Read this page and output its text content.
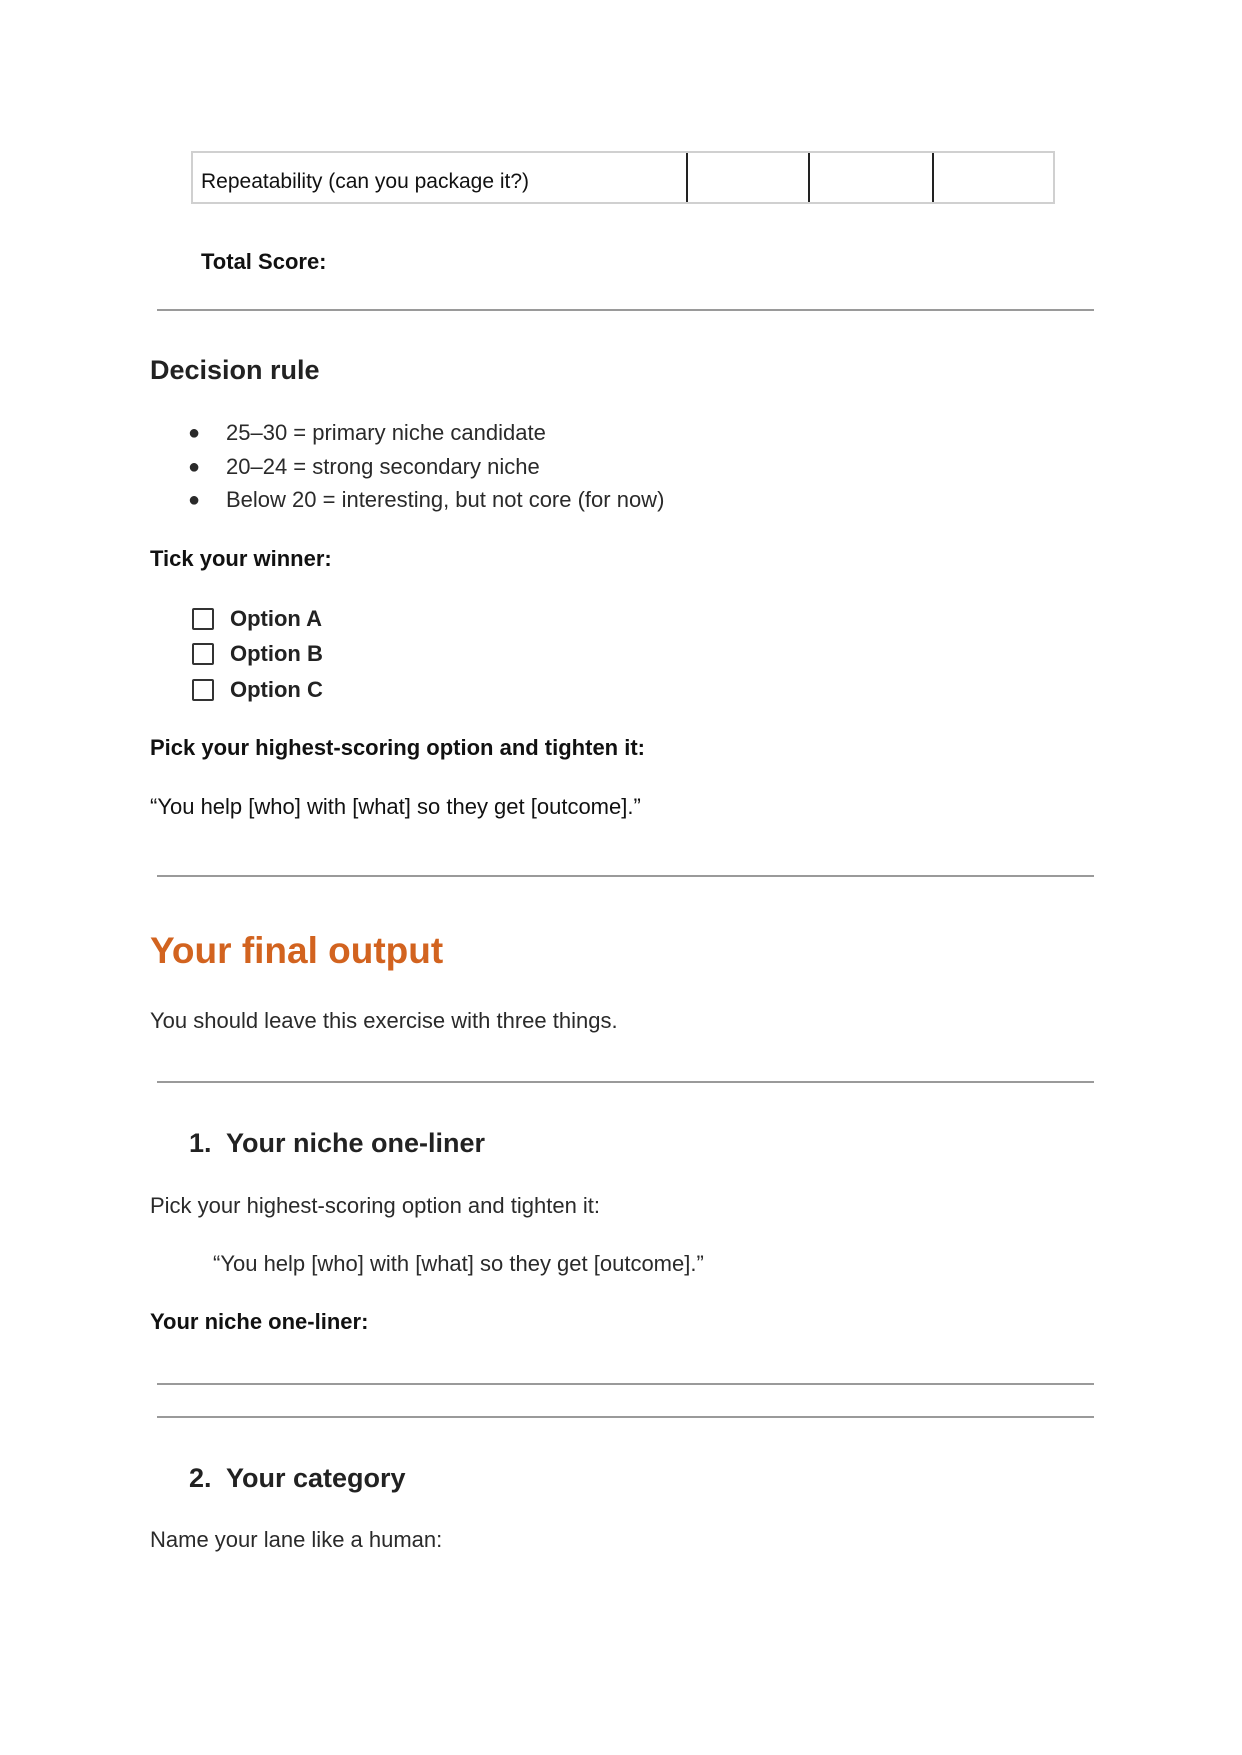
Repeatability (can you package it?)
Total Score:
Decision rule
●	25–30 = primary niche candidate
●	20–24 = strong secondary niche
●	Below 20 = interesting, but not core (for now)
Tick your winner:
Option A
Option B
Option C
Pick your highest-scoring option and tighten it:
“You help [who] with [what] so they get [outcome].”
Your final output
You should leave this exercise with three things.
1. Your niche one-liner
Pick your highest-scoring option and tighten it:
“You help [who] with [what] so they get [outcome].”
Your niche one-liner:
2. Your category
Name your lane like a human:
